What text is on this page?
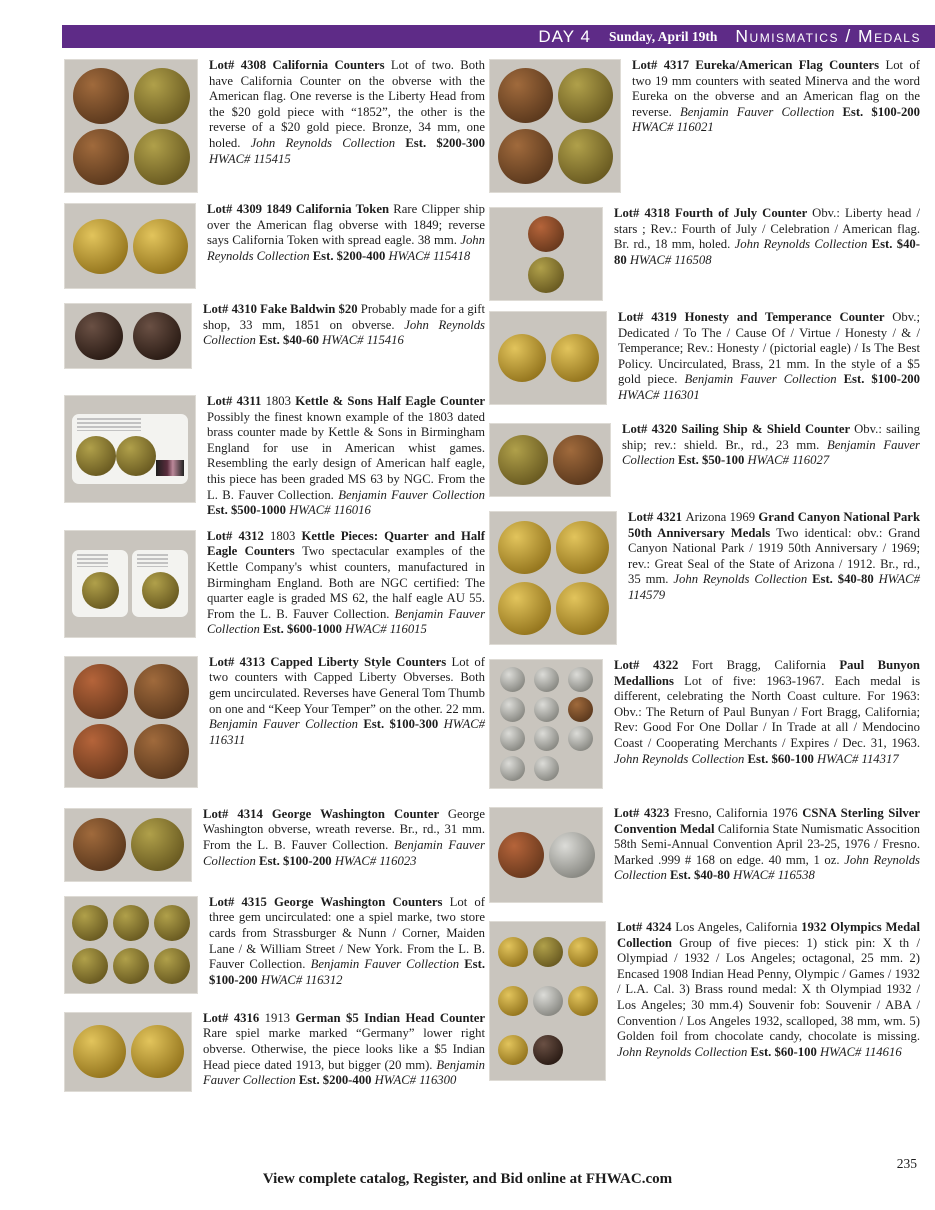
DAY 4 Sunday, April 19th Numismatics / Medals

Lot# 4308 California Counters Lot of two. Both have California Counter on the obverse with the American flag. One reverse is the Liberty Head from the $20 gold piece with “1852”, the other is the reverse of a $20 gold piece. Bronze, 34 mm, one holed. John Reynolds Collection Est. $200-300 HWAC# 115415

Lot# 4309 1849 California Token Rare Clipper ship over the American flag obverse with 1849; reverse says California Token with spread eagle. 38 mm. John Reynolds Collection Est. $200-400 HWAC# 115418

Lot# 4310 Fake Baldwin $20 Probably made for a gift shop, 33 mm, 1851 on obverse. John Reynolds Collection Est. $40-60 HWAC# 115416

Lot# 4311 1803 Kettle & Sons Half Eagle Counter Possibly the finest known example of the 1803 dated brass counter made by Kettle & Sons in Birmingham England for use in American whist games. Resembling the early design of American half eagle, this piece has been graded MS 63 by NGC. From the L. B. Fauver Collection. Benjamin Fauver Collection Est. $500-1000 HWAC# 116016

Lot# 4312 1803 Kettle Pieces: Quarter and Half Eagle Counters Two spectacular examples of the Kettle Company's whist counters, manufactured in Birmingham England. Both are NGC certified: The quarter eagle is graded MS 62, the half eagle AU 55. From the L. B. Fauver Collection. Benjamin Fauver Collection Est. $600-1000 HWAC# 116015

Lot# 4313 Capped Liberty Style Counters Lot of two counters with Capped Liberty Obverses. Both gem uncirculated. Reverses have General Tom Thumb on one and “Keep Your Temper” on the other. 22 mm. Benjamin Fauver Collection Est. $100-300 HWAC# 116311

Lot# 4314 George Washington Counter George Washington obverse, wreath reverse. Br., rd., 31 mm. From the L. B. Fauver Collection. Benjamin Fauver Collection Est. $100-200 HWAC# 116023

Lot# 4315 George Washington Counters Lot of three gem uncirculated: one a spiel marke, two store cards from Strassburger & Nunn / Corner, Maiden Lane / & William Street / New York. From the L. B. Fauver Collection. Benjamin Fauver Collection Est. $100-200 HWAC# 116312

Lot# 4316 1913 German $5 Indian Head Counter Rare spiel marke marked “Germany” lower right obverse. Otherwise, the piece looks like a $5 Indian Head piece dated 1913, but bigger (20 mm). Benjamin Fauver Collection Est. $200-400 HWAC# 116300

Lot# 4317 Eureka/American Flag Counters Lot of two 19 mm counters with seated Minerva and the word Eureka on the obverse and an American flag on the reverse. Benjamin Fauver Collection Est. $100-200 HWAC# 116021

Lot# 4318 Fourth of July Counter Obv.: Liberty head / stars ; Rev.: Fourth of July / Celebration / American flag. Br. rd., 18 mm, holed. John Reynolds Collection Est. $40-80 HWAC# 116508

Lot# 4319 Honesty and Temperance Counter Obv.; Dedicated / To The / Cause Of / Virtue / Honesty / & / Temperance; Rev.: Honesty / (pictorial eagle) / Is The Best Policy. Uncirculated, Brass, 21 mm. In the style of a $5 gold piece. Benjamin Fauver Collection Est. $100-200 HWAC# 116301

Lot# 4320 Sailing Ship & Shield Counter Obv.: sailing ship; rev.: shield. Br., rd., 23 mm. Benjamin Fauver Collection Est. $50-100 HWAC# 116027

Lot# 4321 Arizona 1969 Grand Canyon National Park 50th Anniversary Medals Two identical: obv.: Grand Canyon National Park / 1919 50th Anniversary / 1969; rev.: Great Seal of the State of Arizona / 1912. Br., rd., 35 mm. John Reynolds Collection Est. $40-80 HWAC# 114579

Lot# 4322 Fort Bragg, California Paul Bunyon Medallions Lot of five: 1963-1967. Each medal is different, celebrating the North Coast culture. For 1963: Obv.: The Return of Paul Bunyan / Fort Bragg, California; Rev: Good For One Dollar / In Trade at all / Mendocino Coast / Cooperating Merchants / Expires / Dec. 31, 1963. John Reynolds Collection Est. $60-100 HWAC# 114317

Lot# 4323 Fresno, California 1976 CSNA Sterling Silver Convention Medal California State Numismatic Assocition 58th Semi-Annual Convention April 23-25, 1976 / Fresno. Marked .999 # 168 on edge. 40 mm, 1 oz. John Reynolds Collection Est. $40-80 HWAC# 116538

Lot# 4324 Los Angeles, California 1932 Olympics Medal Collection Group of five pieces: 1) stick pin: X th / Olympiad / 1932 / Los Angeles; octagonal, 25 mm. 2) Encased 1908 Indian Head Penny, Olympic / Games / 1932 / L.A. Cal. 3) Brass round medal: X th Olympiad 1932 / Los Angeles; 30 mm.4) Souvenir fob: Souvenir / ABA / Convention / Los Angeles 1932, scalloped, 38 mm, wm. 5) Golden foil from chocolate candy, chocolate is missing. John Reynolds Collection Est. $60-100 HWAC# 114616

View complete catalog, Register, and Bid online at FHWAC.com
235
